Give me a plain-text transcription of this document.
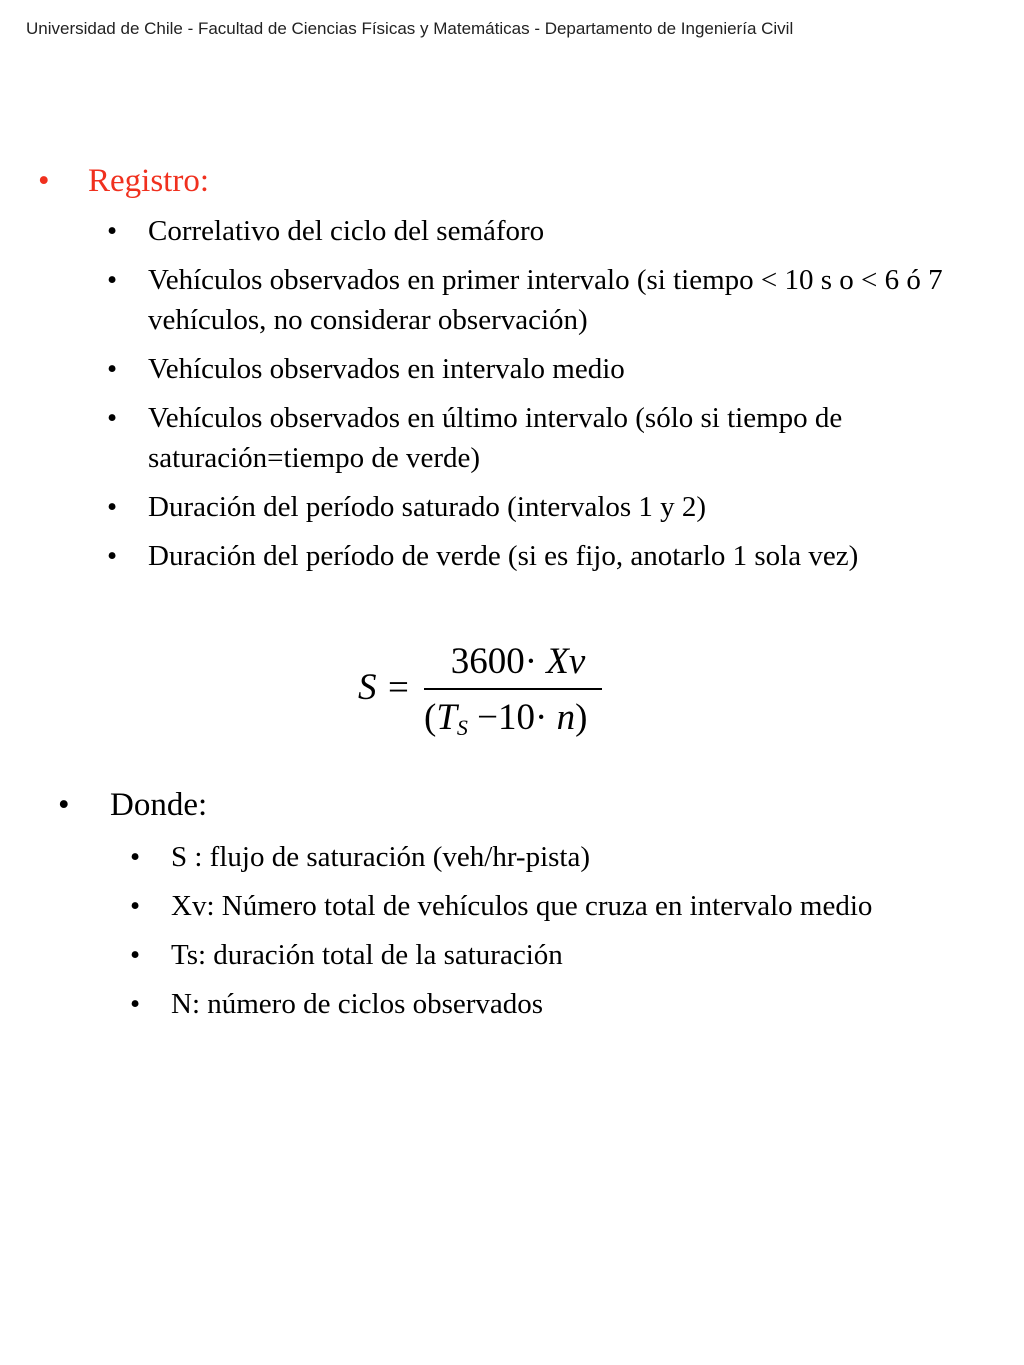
Universidad de Chile - Facultad de Ciencias Físicas y Matemáticas - Departamento de Ingeniería Civil
• Registro:
• Correlativo del ciclo del semáforo
• Vehículos observados en primer intervalo (si tiempo < 10 s o < 6 ó 7 vehículos, no considerar observación)
• Vehículos observados en intervalo medio
• Vehículos observados en último intervalo (sólo si tiempo de saturación=tiempo de verde)
• Duración del período saturado (intervalos 1 y 2)
• Duración del período de verde (si es fijo, anotarlo 1 sola vez)
S =
3600· Xv
$(T_S -10\cdot n)$
• Donde:
• S : flujo de saturación (veh/hr-pista)
• Xv: Número total de vehículos que cruza en intervalo medio
• Ts: duración total de la saturación
• N: número de ciclos observados
